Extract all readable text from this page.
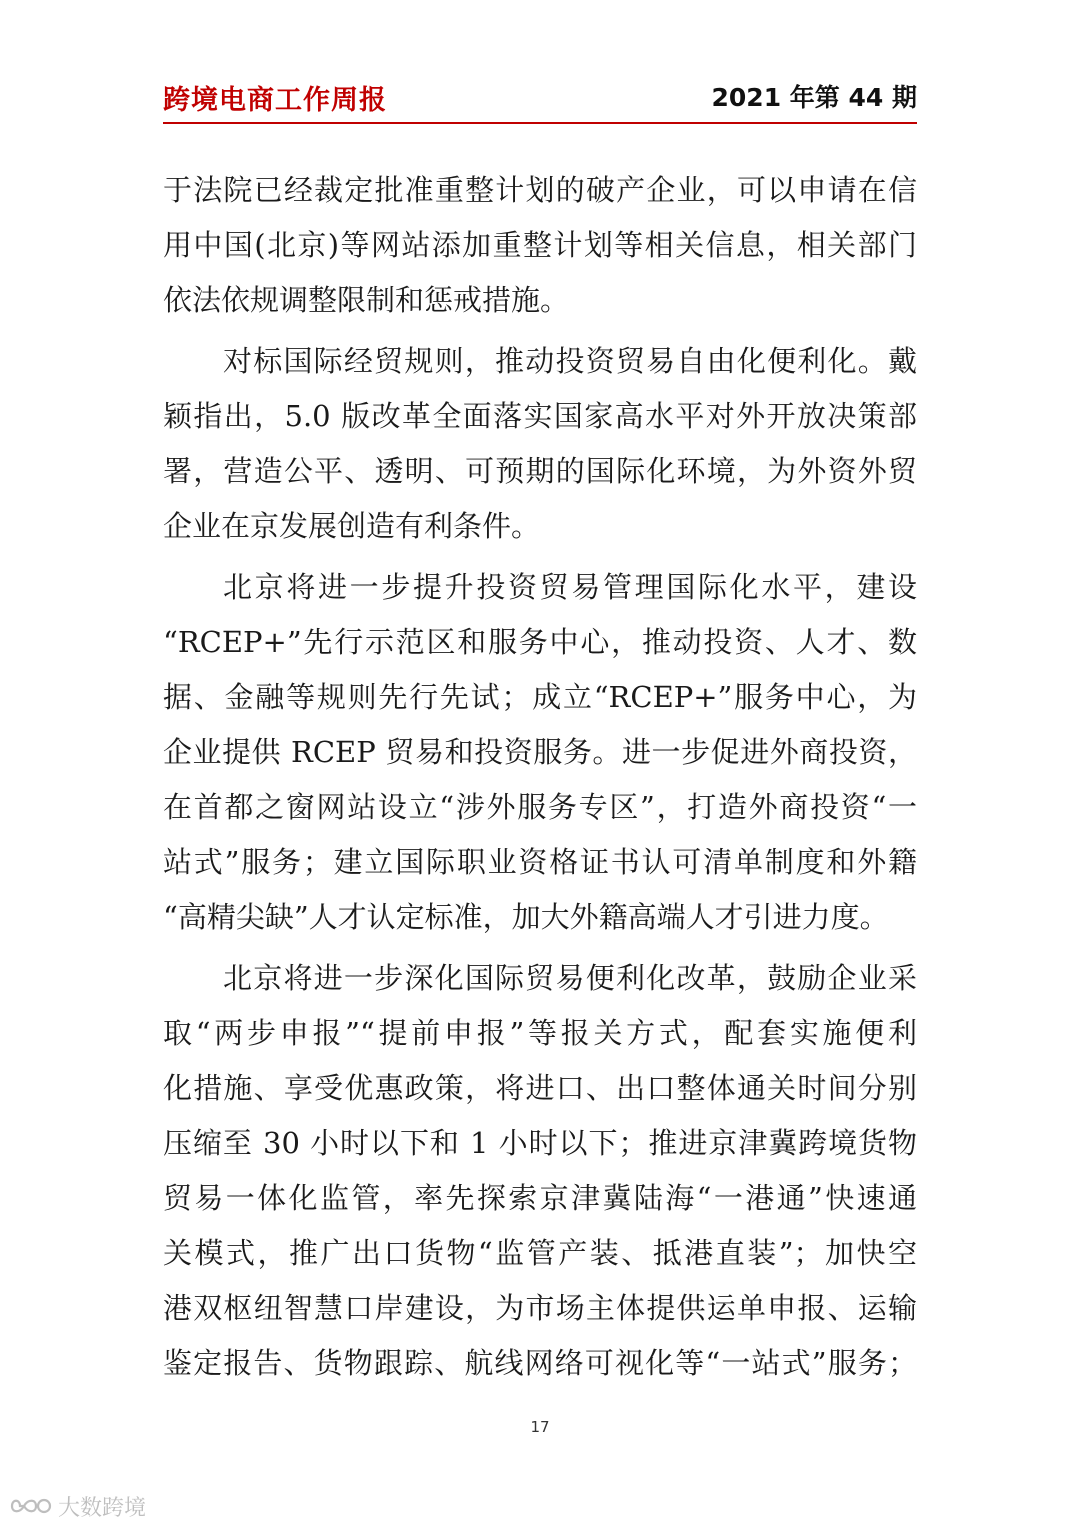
跨境电商工作周报	2021 年第 44 期
于法院已经裁定批准重整计划的破产企业，可以申请在信
用中国(北京)等网站添加重整计划等相关信息，相关部门
依法依规调整限制和惩戒措施。
对标国际经贸规则，推动投资贸易自由化便利化。戴
颖指出，5.0 版改革全面落实国家高水平对外开放决策部
署，营造公平、透明、可预期的国际化环境，为外资外贸
企业在京发展创造有利条件。
北京将进一步提升投资贸易管理国际化水平，建设
“RCEP+”先行示范区和服务中心，推动投资、人才、数
据、金融等规则先行先试；成立“RCEP+”服务中心，为
企业提供 RCEP 贸易和投资服务。进一步促进外商投资，
在首都之窗网站设立“涉外服务专区”，打造外商投资“一
站式”服务；建立国际职业资格证书认可清单制度和外籍
“高精尖缺”人才认定标准，加大外籍高端人才引进力度。
北京将进一步深化国际贸易便利化改革，鼓励企业采
取“两步申报”“提前申报”等报关方式，配套实施便利
化措施、享受优惠政策，将进口、出口整体通关时间分别
压缩至 30 小时以下和 1 小时以下；推进京津冀跨境货物
贸易一体化监管，率先探索京津冀陆海“一港通”快速通
关模式，推广出口货物“监管产装、抵港直装”；加快空
港双枢纽智慧口岸建设，为市场主体提供运单申报、运输
鉴定报告、货物跟踪、航线网络可视化等“一站式”服务；
17
大数跨境
